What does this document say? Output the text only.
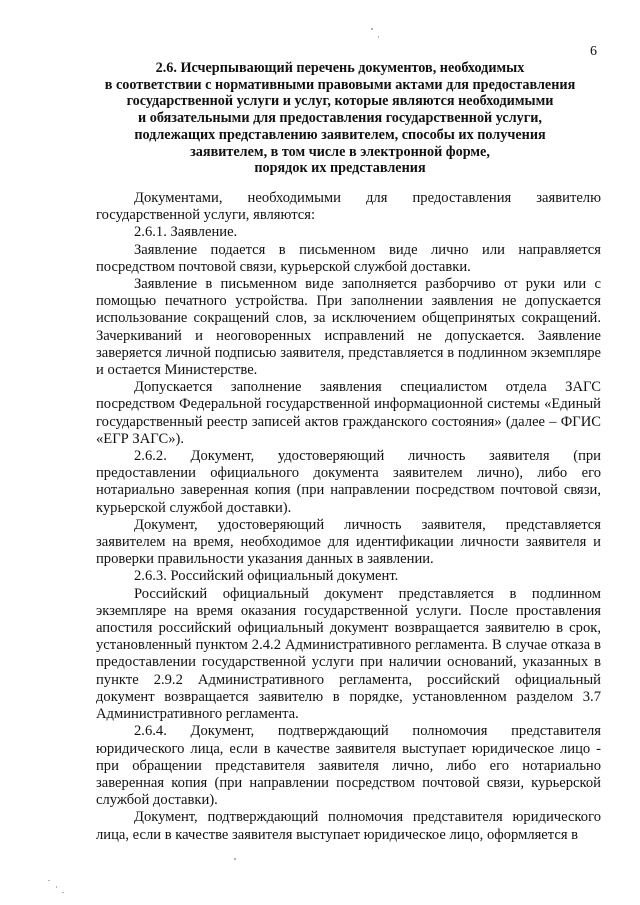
6
2.6. Исчерпывающий перечень документов, необходимых
в соответствии с нормативными правовыми актами для предоставления
государственной услуги и услуг, которые являются необходимыми
и обязательными для предоставления государственной услуги,
подлежащих представлению заявителем, способы их получения
заявителем, в том числе в электронной форме,
порядок их представления

Документами, необходимыми для предоставления заявителю государственной услуги, являются:

2.6.1. Заявление.

Заявление подается в письменном виде лично или направляется посредством почтовой связи, курьерской службой доставки.

Заявление в письменном виде заполняется разборчиво от руки или с помощью печатного устройства. При заполнении заявления не допускается использование сокращений слов, за исключением общепринятых сокращений. Зачеркиваний и неоговоренных исправлений не допускается. Заявление заверяется личной подписью заявителя, представляется в подлинном экземпляре и остается Министерстве.

Допускается заполнение заявления специалистом отдела ЗАГС посредством Федеральной государственной информационной системы «Единый государственный реестр записей актов гражданского состояния» (далее – ФГИС «ЕГР ЗАГС»).

2.6.2. Документ, удостоверяющий личность заявителя (при предоставлении официального документа заявителем лично), либо его нотариально заверенная копия (при направлении посредством почтовой связи, курьерской службой доставки).

Документ, удостоверяющий личность заявителя, представляется заявителем на время, необходимое для идентификации личности заявителя и проверки правильности указания данных в заявлении.

2.6.3. Российский официальный документ.

Российский официальный документ представляется в подлинном экземпляре на время оказания государственной услуги. После проставления апостиля российский официальный документ возвращается заявителю в срок, установленный пунктом 2.4.2 Административного регламента. В случае отказа в предоставлении государственной услуги при наличии оснований, указанных в пункте 2.9.2 Административного регламента, российский официальный документ возвращается заявителю в порядке, установленном разделом 3.7 Административного регламента.

2.6.4. Документ, подтверждающий полномочия представителя юридического лица, если в качестве заявителя выступает юридическое лицо - при обращении представителя заявителя лично, либо его нотариально заверенная копия (при направлении посредством почтовой связи, курьерской службой доставки).

Документ, подтверждающий полномочия представителя юридического лица, если в качестве заявителя выступает юридическое лицо, оформляется в
